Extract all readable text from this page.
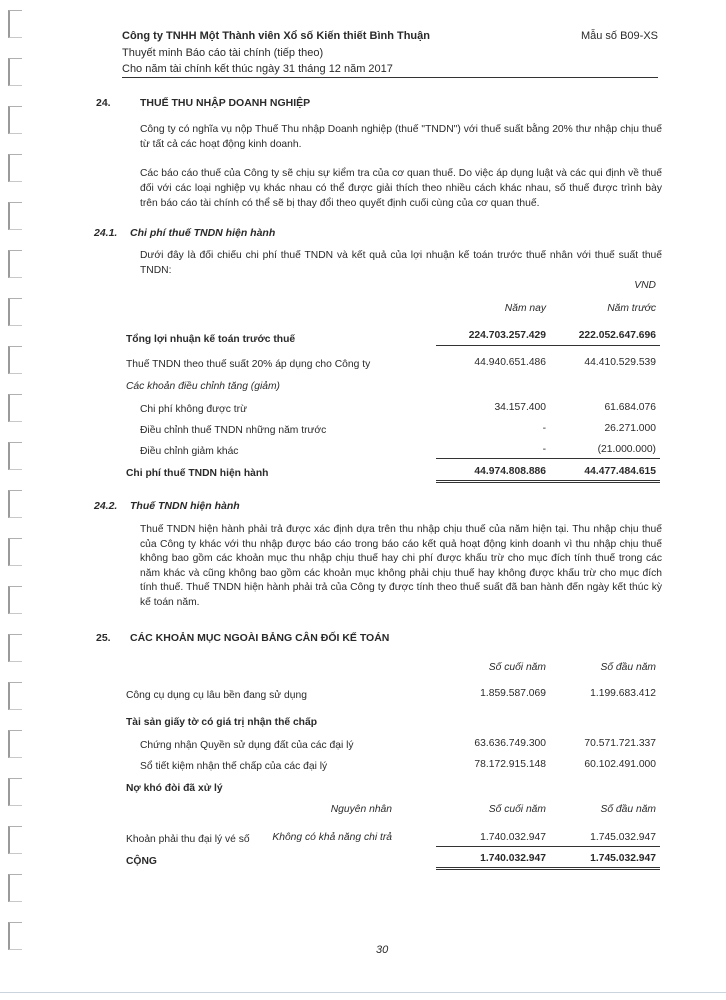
Công ty TNHH Một Thành viên Xổ số Kiến thiết Bình Thuận	Mẫu số B09-XS
Thuyết minh Báo cáo tài chính (tiếp theo)
Cho năm tài chính kết thúc ngày 31 tháng 12 năm 2017
24.	THUẾ THU NHẬP DOANH NGHIỆP
Công ty có nghĩa vụ nộp Thuế Thu nhập Doanh nghiệp (thuế "TNDN") với thuế suất bằng 20% thư nhập chịu thuế từ tất cả các hoạt động kinh doanh.
Các báo cáo thuế của Công ty sẽ chịu sự kiểm tra của cơ quan thuế. Do việc áp dụng luật và các qui định về thuế đối với các loại nghiệp vụ khác nhau có thể được giải thích theo nhiều cách khác nhau, số thuế được trình bày trên báo cáo tài chính có thể sẽ bị thay đổi theo quyết định cuối cùng của cơ quan thuế.
24.1. Chi phí thuế TNDN hiện hành
Dưới đây là đối chiếu chi phí thuế TNDN và kết quả của lợi nhuận kế toán trước thuế nhân với thuế suất thuế TNDN:
VND
Năm nay	Năm trước
Tổng lợi nhuận kế toán trước thuế	224.703.257.429	222.052.647.696
Thuế TNDN theo thuế suất 20% áp dụng cho Công ty	44.940.651.486	44.410.529.539
Các khoản điều chỉnh tăng (giảm)
Chi phí không được trừ	34.157.400	61.684.076
Điều chỉnh thuế TNDN những năm trước	-	26.271.000
Điều chỉnh giảm khác	-	(21.000.000)
Chi phí thuế TNDN hiện hành	44.974.808.886	44.477.484.615
24.2. Thuế TNDN hiện hành
Thuế TNDN hiện hành phải trả được xác định dựa trên thu nhập chịu thuế của năm hiện tại. Thu nhập chịu thuế của Công ty khác với thu nhập được báo cáo trong báo cáo kết quả hoạt động kinh doanh vì thu nhập chịu thuế không bao gồm các khoản mục thu nhập chịu thuế hay chi phí được khấu trừ cho mục đích tính thuế trong các năm khác và cũng không bao gồm các khoản mục không phải chịu thuế hay không được khấu trừ cho mục đích tính thuế. Thuế TNDN hiện hành phải trả của Công ty được tính theo thuế suất đã ban hành đến ngày kết thúc kỳ kế toán năm.
25. CÁC KHOẢN MỤC NGOÀI BẢNG CÂN ĐỐI KẾ TOÁN
Số cuối năm	Số đầu năm
Công cụ dụng cụ lâu bền đang sử dụng	1.859.587.069	1.199.683.412
Tài sản giấy tờ có giá trị nhận thế chấp
Chứng nhận Quyền sử dụng đất của các đại lý	63.636.749.300	70.571.721.337
Sổ tiết kiệm nhận thế chấp của các đại lý	78.172.915.148	60.102.491.000
Nợ khó đòi đã xử lý
Nguyên nhân	Số cuối năm	Số đầu năm
Khoản phải thu đại lý vé số	Không có khả năng chi trả	1.740.032.947	1.745.032.947
CỘNG	1.740.032.947	1.745.032.947
30
